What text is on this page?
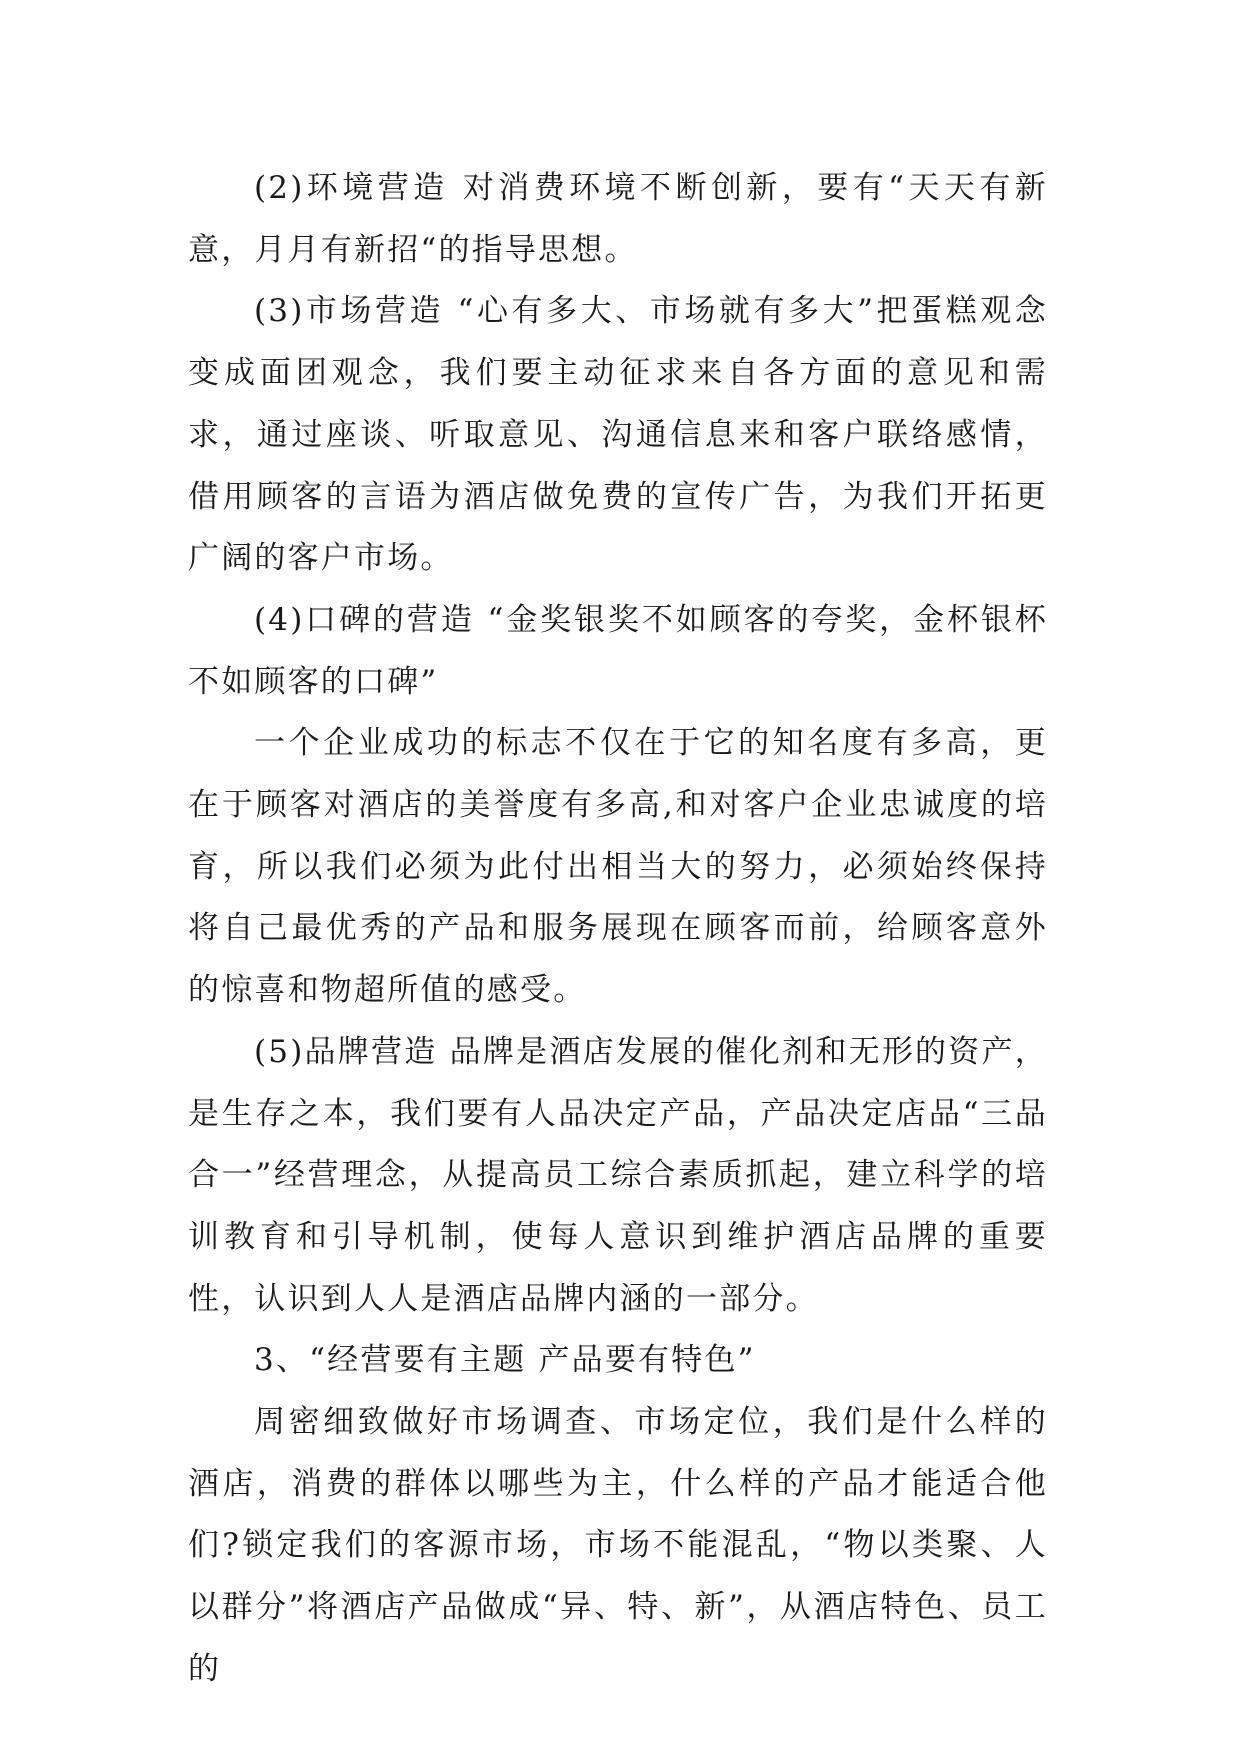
(2)环境营造 对消费环境不断创新，要有“天天有新意，月月有新招“的指导思想。

(3)市场营造 “心有多大、市场就有多大”把蛋糕观念变成面团观念，我们要主动征求来自各方面的意见和需求，通过座谈、听取意见、沟通信息来和客户联络感情，借用顾客的言语为酒店做免费的宣传广告，为我们开拓更广阔的客户市场。

(4)口碑的营造 “金奖银奖不如顾客的夸奖，金杯银杯不如顾客的口碑”

一个企业成功的标志不仅在于它的知名度有多高，更在于顾客对酒店的美誉度有多高,和对客户企业忠诚度的培育，所以我们必须为此付出相当大的努力，必须始终保持将自己最优秀的产品和服务展现在顾客而前，给顾客意外的惊喜和物超所值的感受。

(5)品牌营造 品牌是酒店发展的催化剂和无形的资产，是生存之本，我们要有人品决定产品，产品决定店品“三品合一”经营理念，从提高员工综合素质抓起，建立科学的培训教育和引导机制，使每人意识到维护酒店品牌的重要性，认识到人人是酒店品牌内涵的一部分。

3、“经营要有主题 产品要有特色”

周密细致做好市场调查、市场定位，我们是什么样的酒店，消费的群体以哪些为主，什么样的产品才能适合他们?锁定我们的客源市场，市场不能混乱，“物以类聚、人以群分”将酒店产品做成“异、特、新”，从酒店特色、员工的
